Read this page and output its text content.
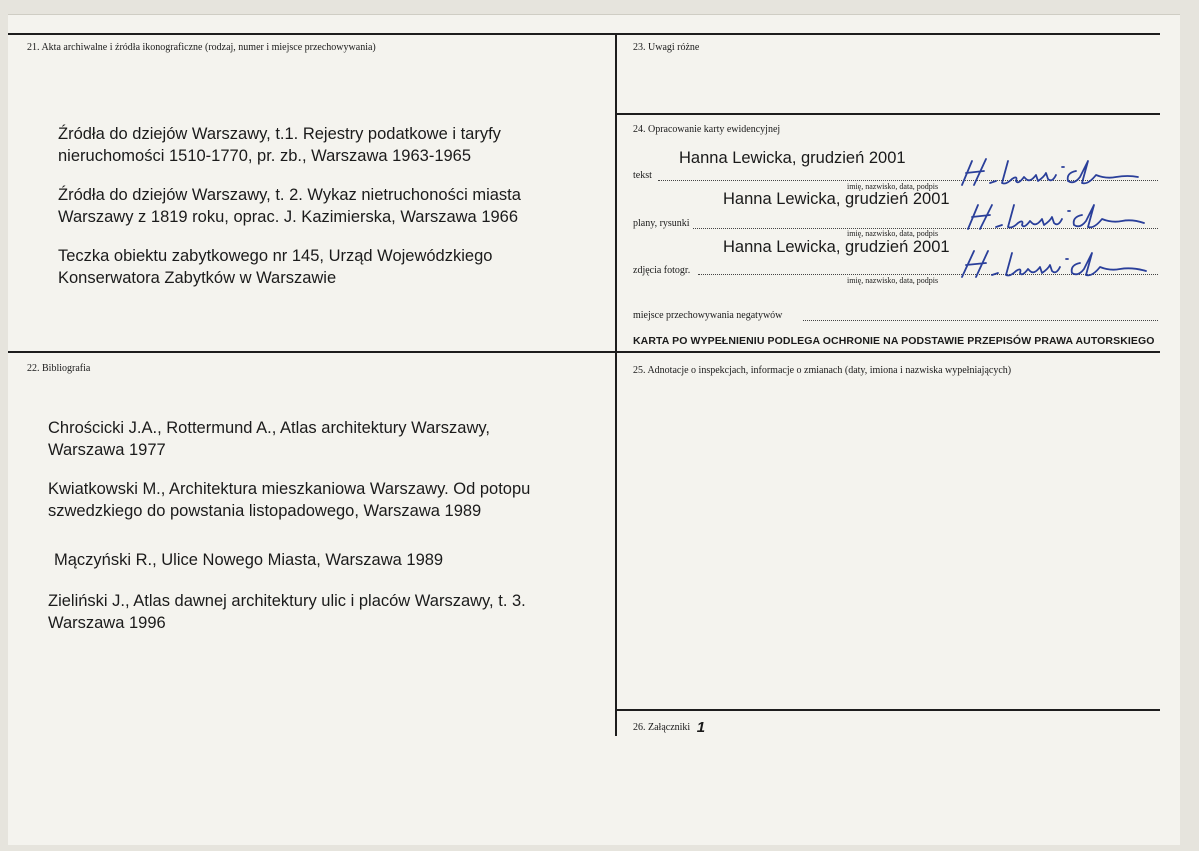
21. Akta archiwalne i źródła ikonograficzne (rodzaj, numer i miejsce przechowywania)

Źródła do dziejów Warszawy, t.1. Rejestry podatkowe i taryfy

nieruchomości 1510-1770, pr. zb., Warszawa 1963-1965

Źródła do dziejów Warszawy, t. 2. Wykaz nietruchoności miasta

Warszawy z 1819 roku, oprac. J. Kazimierska, Warszawa 1966

Teczka obiektu zabytkowego nr 145, Urząd Wojewódzkiego

Konserwatora Zabytków w Warszawie

22. Bibliografia

Chrościcki J.A., Rottermund A., Atlas architektury Warszawy,

Warszawa 1977

Kwiatkowski M., Architektura mieszkaniowa Warszawy. Od potopu

szwedzkiego do powstania listopadowego, Warszawa 1989

Mączyński R., Ulice Nowego Miasta, Warszawa 1989

Zieliński J., Atlas dawnej architektury ulic i placów Warszawy, t. 3.

Warszawa 1996

23. Uwagi różne
24. Opracowanie karty ewidencyjnej
Hanna Lewicka, grudzień 2001
tekst
imię, nazwisko, data, podpis
Hanna Lewicka, grudzień 2001
plany, rysunki
imię, nazwisko, data, podpis
Hanna Lewicka, grudzień 2001
zdjęcia fotogr.
imię, nazwisko, data, podpis
miejsce przechowywania negatywów
KARTA PO WYPEŁNIENIU PODLEGA OCHRONIE NA PODSTAWIE PRZEPISÓW PRAWA AUTORSKIEGO
25. Adnotacje o inspekcjach, informacje o zmianach (daty, imiona i nazwiska wypełniających)
26. Załączniki 1
